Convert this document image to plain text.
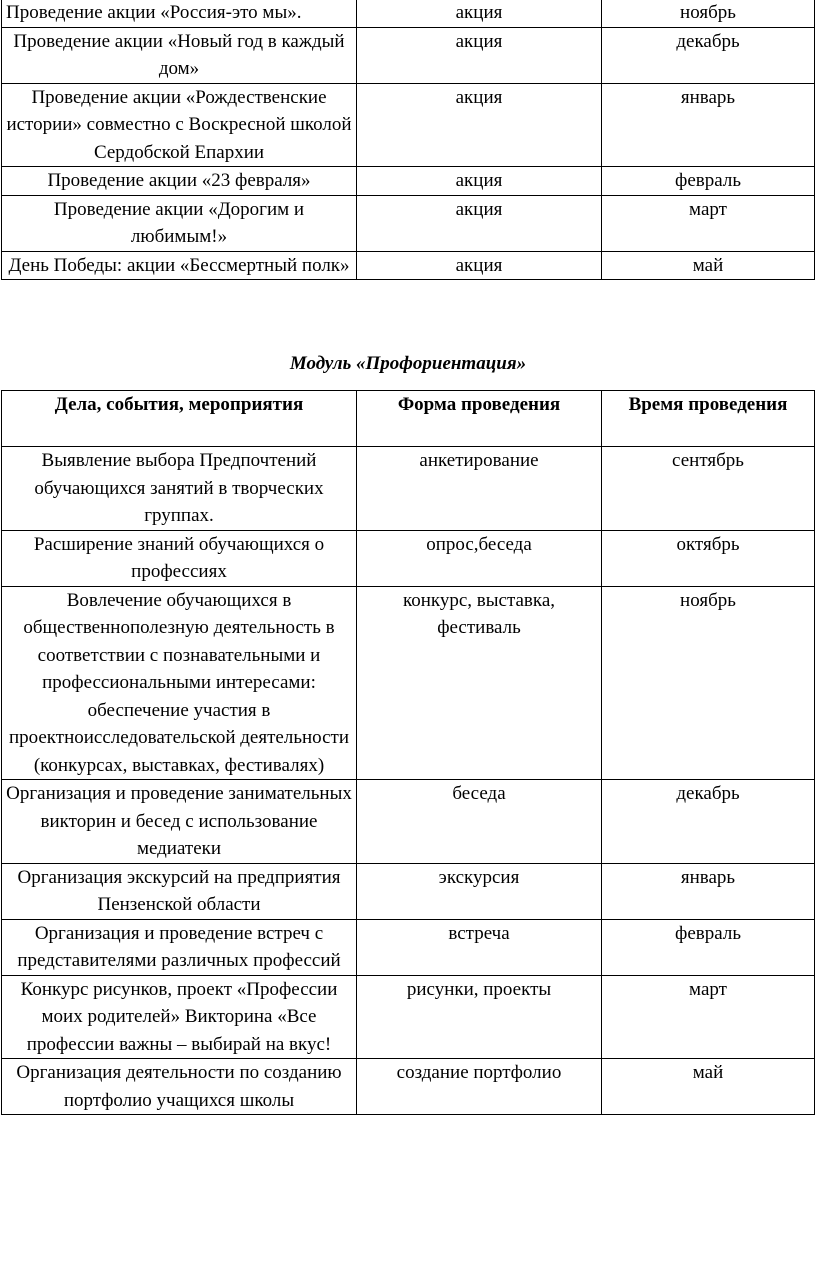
Проведение акции «Россия-это мы».	акция	ноябрь
Проведение акции «Новый год в каждый дом»	акция	декабрь
Проведение акции «Рождественские истории» совместно с Воскресной школой Сердобской Епархии	акция	январь
Проведение акции «23 февраля»	акция	февраль
Проведение акции «Дорогим и любимым!»	акция	март
День Победы: акции «Бессмертный полк»	акция	май
Модуль «Профориентация»
Дела, события, мероприятия	Форма проведения	Время проведения
Выявление выбора Предпочтений обучающихся занятий в творческих группах.	анкетирование	сентябрь
Расширение знаний обучающихся о профессиях	опрос,беседа	октябрь
Вовлечение обучающихся в общественнополезную деятельность в соответствии с познавательными и профессиональными интересами: обеспечение участия в проектноисследовательской деятельности (конкурсах, выставках, фестивалях)	конкурс, выставка, фестиваль	ноябрь
Организация и проведение занимательных викторин и бесед с использование медиатеки	беседа	декабрь
Организация экскурсий на предприятия Пензенской области	экскурсия	январь
Организация и проведение встреч с представителями различных профессий	встреча	февраль
Конкурс рисунков, проект «Профессии моих родителей» Викторина «Все профессии важны – выбирай на вкус!	рисунки, проекты	март
Организация деятельности по созданию портфолио учащихся школы	создание портфолио	май
